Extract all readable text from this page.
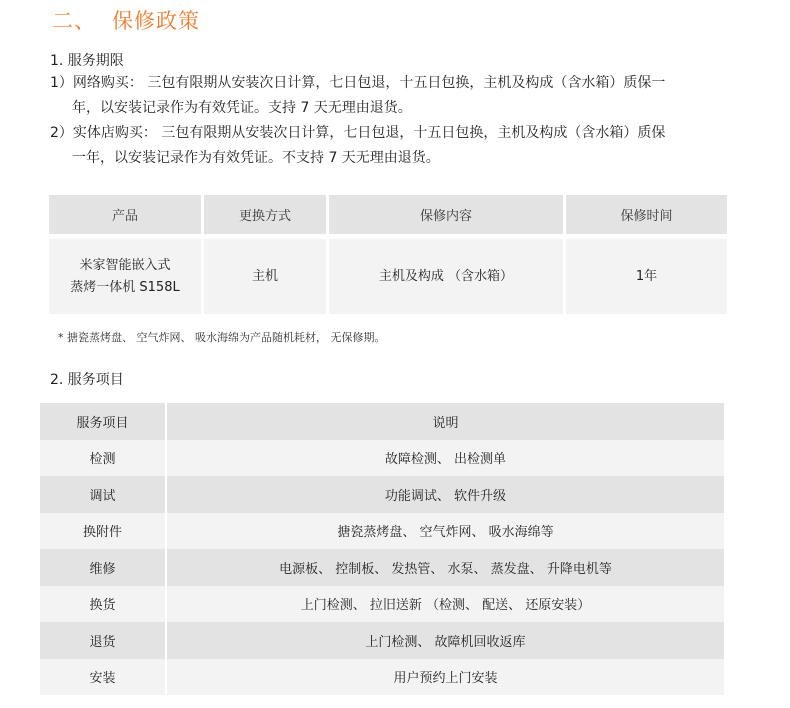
二、 保修政策
1. 服务期限
1）网络购买： 三包有限期从安装次日计算，七日包退，十五日包换，主机及构成（含水箱）质保一
年，以安装记录作为有效凭证。支持 7 天无理由退货。
2）实体店购买： 三包有限期从安装次日计算，七日包退，十五日包换，主机及构成（含水箱）质保
一年，以安装记录作为有效凭证。不支持 7 天无理由退货。
产品	更换方式	保修内容	保修时间

米家智能嵌入式
蒸烤一体机 S158L	主机	主机及构成 （含水箱）	1年
* 搪瓷蒸烤盘、 空气炸网、 吸水海绵为产品随机耗材， 无保修期。
2. 服务项目
服务项目	说明
检测	故障检测、 出检测单
调试	功能调试、 软件升级
换附件	搪瓷蒸烤盘、 空气炸网、 吸水海绵等
维修	电源板、 控制板、 发热管、 水泵、 蒸发盘、 升降电机等
换货	上门检测、 拉旧送新 （检测、 配送、 还原安装）
退货	上门检测、 故障机回收返库
安装	用户预约上门安装
